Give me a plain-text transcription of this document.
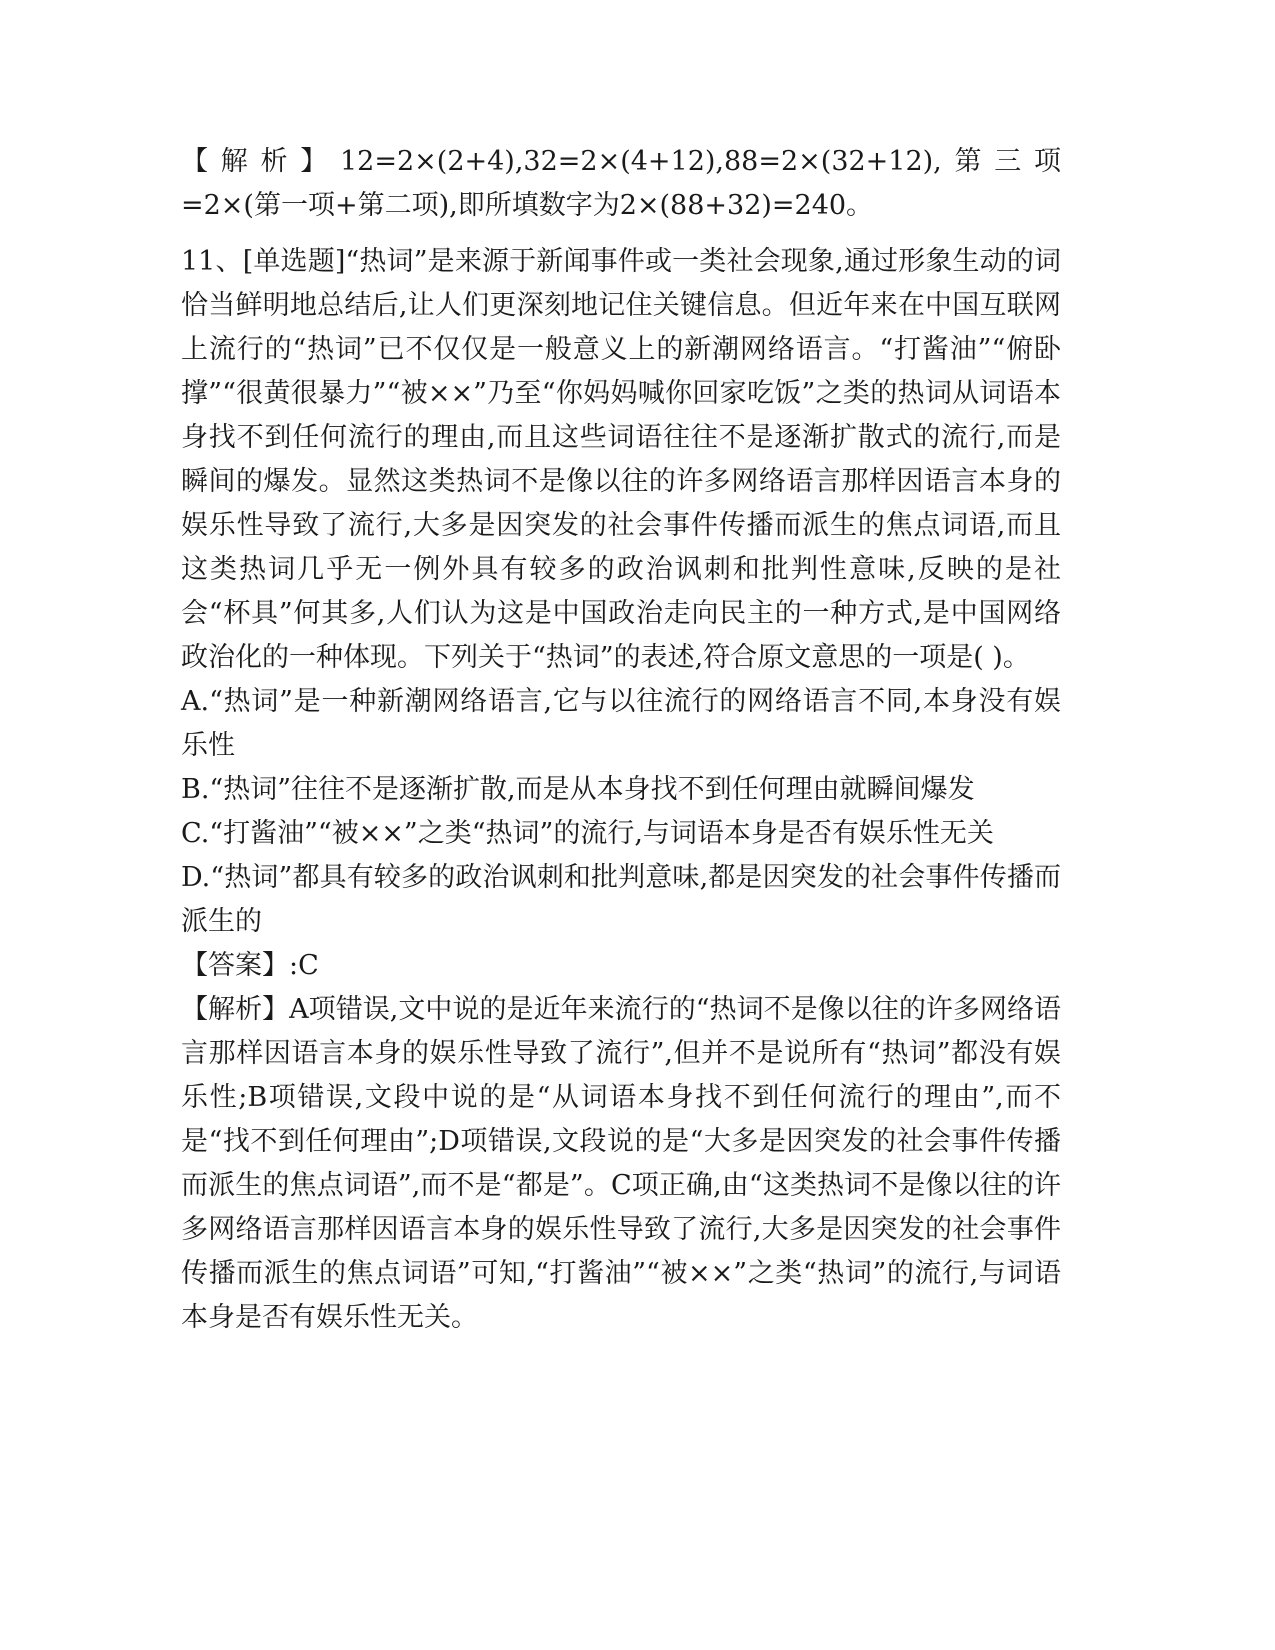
【解析】12=2×(2+4),32=2×(4+12),88=2×(32+12),第三项=2×(第一项+第二项),即所填数字为2×(88+32)=240。

11、[单选题]“热词”是来源于新闻事件或一类社会现象,通过形象生动的词恰当鲜明地总结后,让人们更深刻地记住关键信息。但近年来在中国互联网上流行的“热词”已不仅仅是一般意义上的新潮网络语言。“打酱油”“俯卧撑”“很黄很暴力”“被××”乃至“你妈妈喊你回家吃饭”之类的热词从词语本身找不到任何流行的理由,而且这些词语往往不是逐渐扩散式的流行,而是瞬间的爆发。显然这类热词不是像以往的许多网络语言那样因语言本身的娱乐性导致了流行,大多是因突发的社会事件传播而派生的焦点词语,而且这类热词几乎无一例外具有较多的政治讽刺和批判性意味,反映的是社会“杯具”何其多,人们认为这是中国政治走向民主的一种方式,是中国网络政治化的一种体现。下列关于“热词”的表述,符合原文意思的一项是( )。

A.“热词”是一种新潮网络语言,它与以往流行的网络语言不同,本身没有娱乐性

B.“热词”往往不是逐渐扩散,而是从本身找不到任何理由就瞬间爆发

C.“打酱油”“被××”之类“热词”的流行,与词语本身是否有娱乐性无关

D.“热词”都具有较多的政治讽刺和批判意味,都是因突发的社会事件传播而派生的

【答案】:C

【解析】A项错误,文中说的是近年来流行的“热词不是像以往的许多网络语言那样因语言本身的娱乐性导致了流行”,但并不是说所有“热词”都没有娱乐性;B项错误,文段中说的是“从词语本身找不到任何流行的理由”,而不是“找不到任何理由”;D项错误,文段说的是“大多是因突发的社会事件传播而派生的焦点词语”,而不是“都是”。C项正确,由“这类热词不是像以往的许多网络语言那样因语言本身的娱乐性导致了流行,大多是因突发的社会事件传播而派生的焦点词语”可知,“打酱油”“被××”之类“热词”的流行,与词语本身是否有娱乐性无关。
